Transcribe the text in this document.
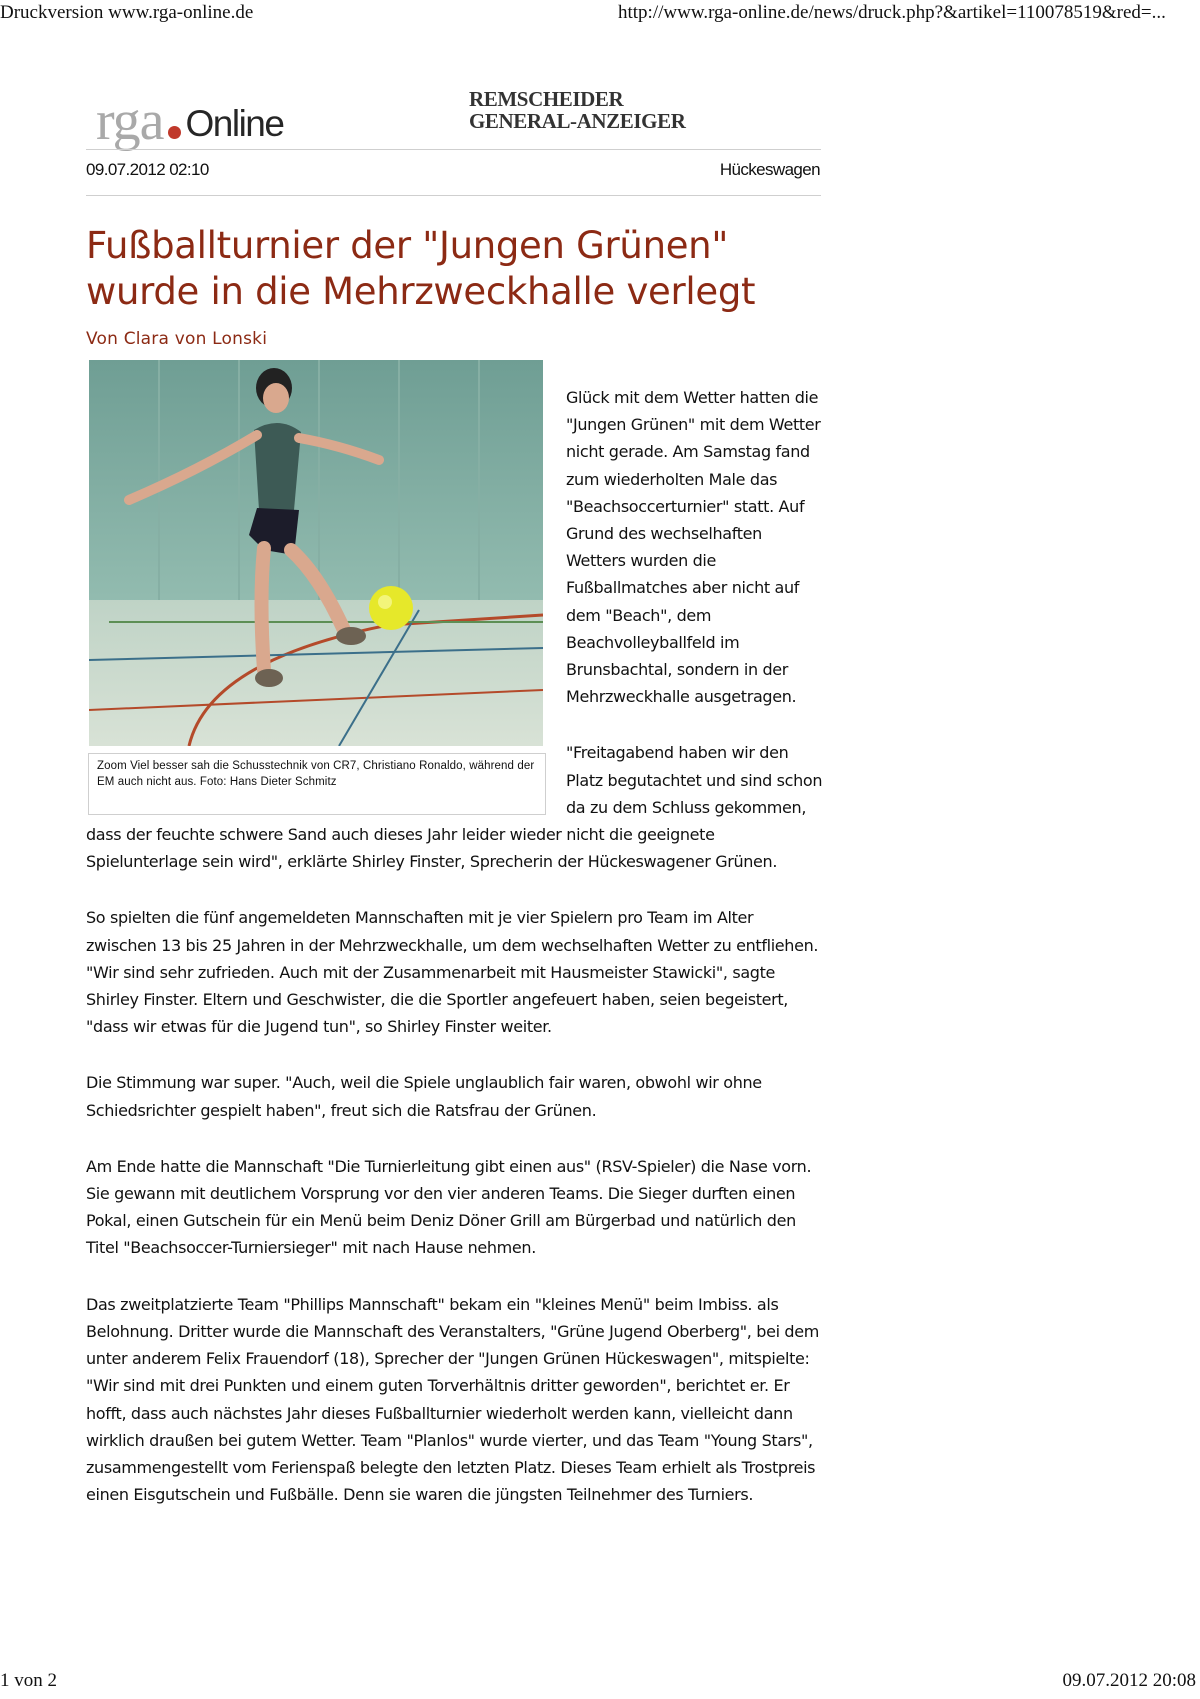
Druckversion www.rga-online.de	http://www.rga-online.de/news/druck.php?&artikel=110078519&red=...
rga Online
REMSCHEIDER
GENERAL-ANZEIGER
09.07.2012 02:10	Hückeswagen
Fußballturnier der "Jungen Grünen" wurde in die Mehrzweckhalle verlegt
Von Clara von Lonski
Zoom Viel besser sah die Schusstechnik von CR7, Christiano Ronaldo, während der EM auch nicht aus. Foto: Hans Dieter Schmitz

Glück mit dem Wetter hatten die "Jungen Grünen" mit dem Wetter nicht gerade. Am Samstag fand zum wiederholten Male das "Beachsoccerturnier" statt. Auf Grund des wechselhaften Wetters wurden die Fußballmatches aber nicht auf dem "Beach", dem Beachvolleyballfeld im Brunsbachtal, sondern in der Mehrzweckhalle ausgetragen.

"Freitagabend haben wir den Platz begutachtet und sind schon da zu dem Schluss gekommen, dass der feuchte schwere Sand auch dieses Jahr leider wieder nicht die geeignete Spielunterlage sein wird", erklärte Shirley Finster, Sprecherin der Hückeswagener Grünen.

So spielten die fünf angemeldeten Mannschaften mit je vier Spielern pro Team im Alter zwischen 13 bis 25 Jahren in der Mehrzweckhalle, um dem wechselhaften Wetter zu entfliehen. "Wir sind sehr zufrieden. Auch mit der Zusammenarbeit mit Hausmeister Stawicki", sagte Shirley Finster. Eltern und Geschwister, die die Sportler angefeuert haben, seien begeistert, "dass wir etwas für die Jugend tun", so Shirley Finster weiter.

Die Stimmung war super. "Auch, weil die Spiele unglaublich fair waren, obwohl wir ohne Schiedsrichter gespielt haben", freut sich die Ratsfrau der Grünen.

Am Ende hatte die Mannschaft "Die Turnierleitung gibt einen aus" (RSV-Spieler) die Nase vorn. Sie gewann mit deutlichem Vorsprung vor den vier anderen Teams. Die Sieger durften einen Pokal, einen Gutschein für ein Menü beim Deniz Döner Grill am Bürgerbad und natürlich den Titel "Beachsoccer-Turniersieger" mit nach Hause nehmen.

Das zweitplatzierte Team "Phillips Mannschaft" bekam ein "kleines Menü" beim Imbiss. als Belohnung. Dritter wurde die Mannschaft des Veranstalters, "Grüne Jugend Oberberg", bei dem unter anderem Felix Frauendorf (18), Sprecher der "Jungen Grünen Hückeswagen", mitspielte: "Wir sind mit drei Punkten und einem guten Torverhältnis dritter geworden", berichtet er. Er hofft, dass auch nächstes Jahr dieses Fußballturnier wiederholt werden kann, vielleicht dann wirklich draußen bei gutem Wetter. Team "Planlos" wurde vierter, und das Team "Young Stars", zusammengestellt vom Ferienspaß belegte den letzten Platz. Dieses Team erhielt als Trostpreis einen Eisgutschein und Fußbälle. Denn sie waren die jüngsten Teilnehmer des Turniers.

1 von 2	09.07.2012 20:08
